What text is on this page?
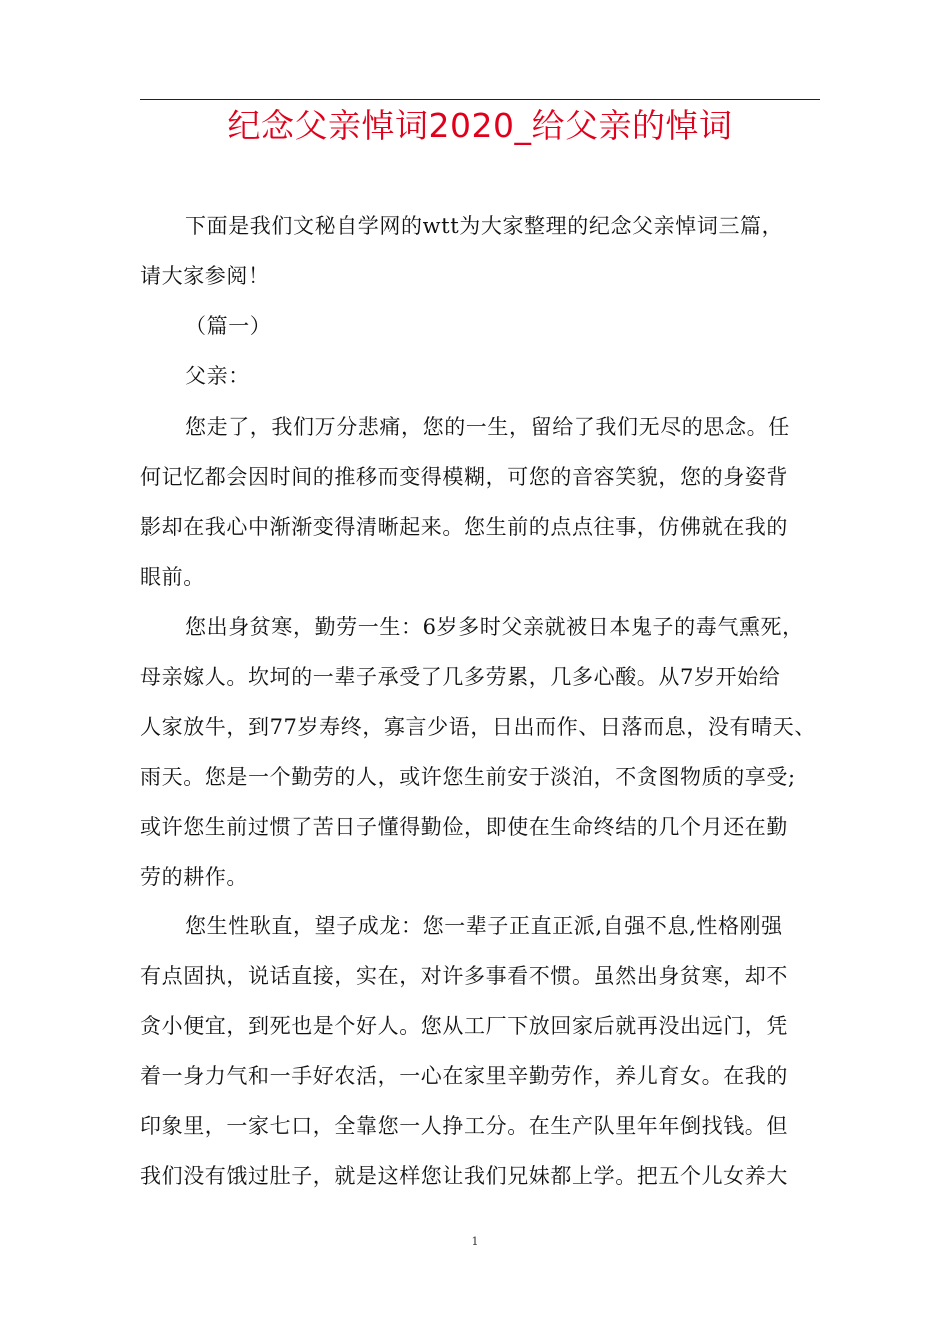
纪念父亲悼词2020_给父亲的悼词
下面是我们文秘自学网的wtt为大家整理的纪念父亲悼词三篇，
请大家参阅！
（篇一）
父亲：
您走了，我们万分悲痛，您的一生，留给了我们无尽的思念。任
何记忆都会因时间的推移而变得模糊，可您的音容笑貌，您的身姿背
影却在我心中渐渐变得清晰起来。您生前的点点往事，仿佛就在我的
眼前。
您出身贫寒，勤劳一生：6岁多时父亲就被日本鬼子的毒气熏死，
母亲嫁人。坎坷的一辈子承受了几多劳累，几多心酸。从7岁开始给
人家放牛，到77岁寿终，寡言少语，日出而作、日落而息，没有晴天、
雨天。您是一个勤劳的人，或许您生前安于淡泊，不贪图物质的享受;
或许您生前过惯了苦日子懂得勤俭，即使在生命终结的几个月还在勤
劳的耕作。
您生性耿直，望子成龙：您一辈子正直正派,自强不息,性格刚强
有点固执，说话直接，实在，对许多事看不惯。虽然出身贫寒，却不
贪小便宜，到死也是个好人。您从工厂下放回家后就再没出远门，凭
着一身力气和一手好农活，一心在家里辛勤劳作，养儿育女。在我的
印象里，一家七口，全靠您一人挣工分。在生产队里年年倒找钱。但
我们没有饿过肚子，就是这样您让我们兄妹都上学。把五个儿女养大
1
